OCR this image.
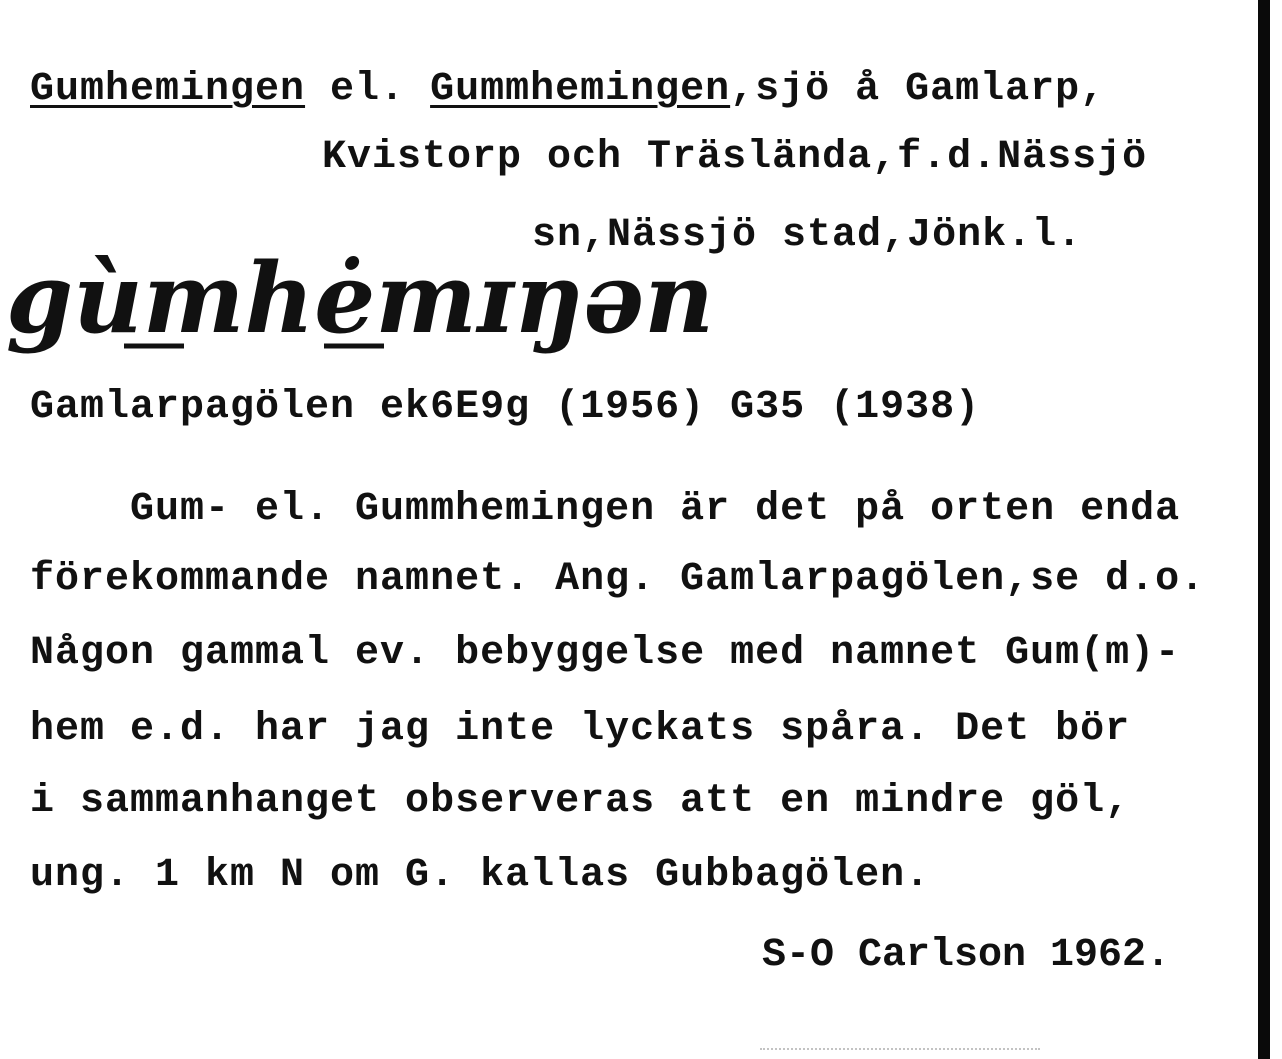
Gumhemingen el. Gummhemingen,sjö å Gamlarp,
Kvistorp och Träslända,f.d.Nässjö
sn,Nässjö stad,Jönk.l.
gùmhėmɪŋən
Gamlarpagölen ek6E9g (1956) G35 (1938)
Gum- el. Gummhemingen är det på orten enda
förekommande namnet. Ang. Gamlarpagölen,se d.o.
Någon gammal ev. bebyggelse med namnet Gum(m)-
hem e.d. har jag inte lyckats spåra. Det bör
i sammanhanget observeras att en mindre göl,
ung. 1 km N om G. kallas Gubbagölen.
S-O Carlson 1962.
